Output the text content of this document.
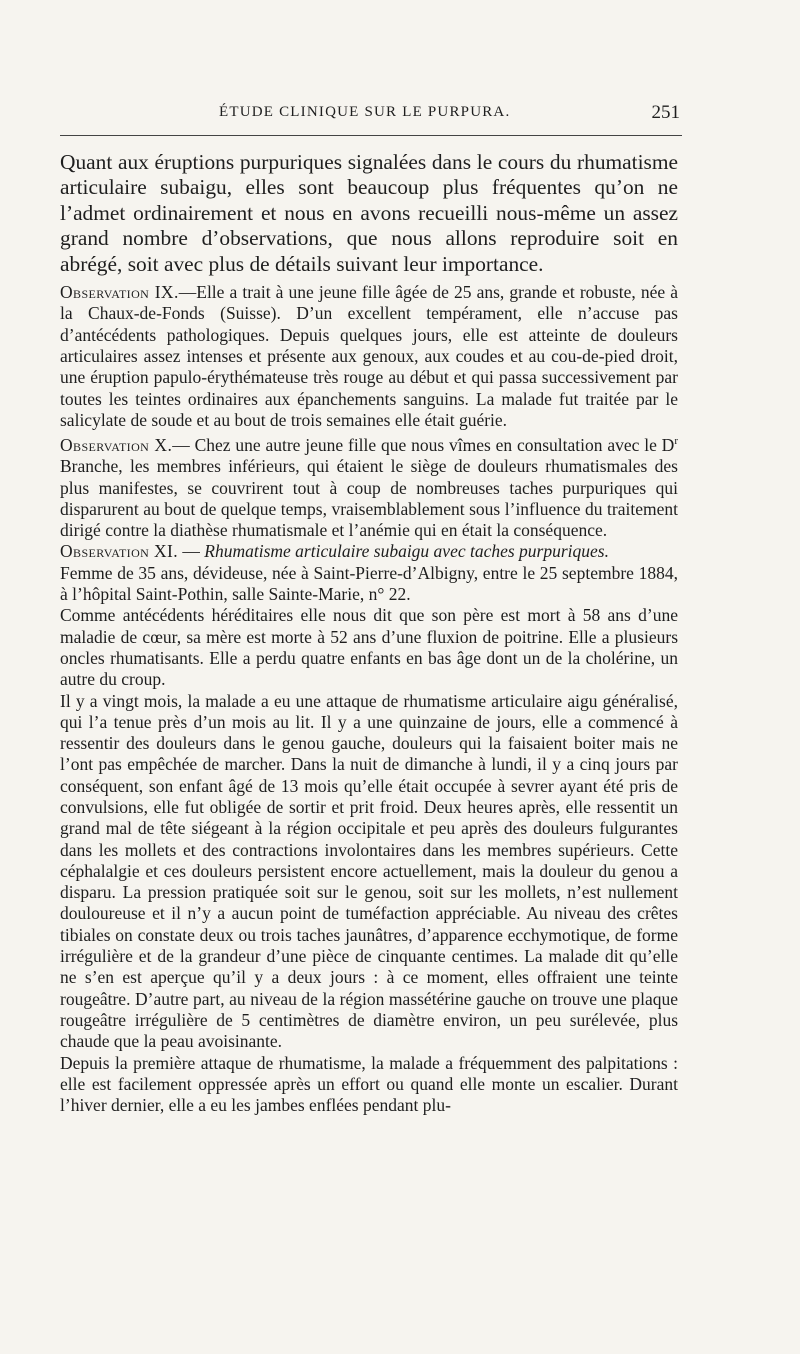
ÉTUDE CLINIQUE SUR LE PURPURA.	251

Quant aux éruptions purpuriques signalées dans le cours du rhumatisme articulaire subaigu, elles sont beaucoup plus fréquentes qu’on ne l’admet ordinairement et nous en avons recueilli nous-même un assez grand nombre d’observations, que nous allons reproduire soit en abrégé, soit avec plus de détails suivant leur importance.

Observation IX.—Elle a trait à une jeune fille âgée de 25 ans, grande et robuste, née à la Chaux-de-Fonds (Suisse). D’un excellent tempérament, elle n’accuse pas d’antécédents pathologiques. Depuis quelques jours, elle est atteinte de douleurs articulaires assez intenses et présente aux genoux, aux coudes et au cou-de-pied droit, une éruption papulo-érythémateuse très rouge au début et qui passa successivement par toutes les teintes ordinaires aux épanchements sanguins. La malade fut traitée par le salicylate de soude et au bout de trois semaines elle était guérie.

Observation X.— Chez une autre jeune fille que nous vîmes en consultation avec le $D^r$ Branche, les membres inférieurs, qui étaient le siège de douleurs rhumatismales des plus manifestes, se couvrirent tout à coup de nombreuses taches purpuriques qui disparurent au bout de quelque temps, vraisemblablement sous l’influence du traitement dirigé contre la diathèse rhumatismale et l’anémie qui en était la conséquence.

Observation XI. — Rhumatisme articulaire subaigu avec taches purpuriques.

Femme de 35 ans, dévideuse, née à Saint-Pierre-d’Albigny, entre le 25 septembre 1884, à l’hôpital Saint-Pothin, salle Sainte-Marie, n° 22.

Comme antécédents héréditaires elle nous dit que son père est mort à 58 ans d’une maladie de cœur, sa mère est morte à 52 ans d’une fluxion de poitrine. Elle a plusieurs oncles rhumatisants. Elle a perdu quatre enfants en bas âge dont un de la cholérine, un autre du croup.

Il y a vingt mois, la malade a eu une attaque de rhumatisme articulaire aigu généralisé, qui l’a tenue près d’un mois au lit. Il y a une quinzaine de jours, elle a commencé à ressentir des douleurs dans le genou gauche, douleurs qui la faisaient boiter mais ne l’ont pas empêchée de marcher. Dans la nuit de dimanche à lundi, il y a cinq jours par conséquent, son enfant âgé de 13 mois qu’elle était occupée à sevrer ayant été pris de convulsions, elle fut obligée de sortir et prit froid. Deux heures après, elle ressentit un grand mal de tête siégeant à la région occipitale et peu après des douleurs fulgurantes dans les mollets et des contractions involontaires dans les membres supérieurs. Cette céphalalgie et ces douleurs persistent encore actuellement, mais la douleur du genou a disparu. La pression pratiquée soit sur le genou, soit sur les mollets, n’est nullement douloureuse et il n’y a aucun point de tuméfaction appréciable. Au niveau des crêtes tibiales on constate deux ou trois taches jaunâtres, d’apparence ecchymotique, de forme irrégulière et de la grandeur d’une pièce de cinquante centimes. La malade dit qu’elle ne s’en est aperçue qu’il y a deux jours : à ce moment, elles offraient une teinte rougeâtre. D’autre part, au niveau de la région massétérine gauche on trouve une plaque rougeâtre irrégulière de 5 centimètres de diamètre environ, un peu surélevée, plus chaude que la peau avoisinante.

Depuis la première attaque de rhumatisme, la malade a fréquemment des palpitations : elle est facilement oppressée après un effort ou quand elle monte un escalier. Durant l’hiver dernier, elle a eu les jambes enflées pendant plu-
